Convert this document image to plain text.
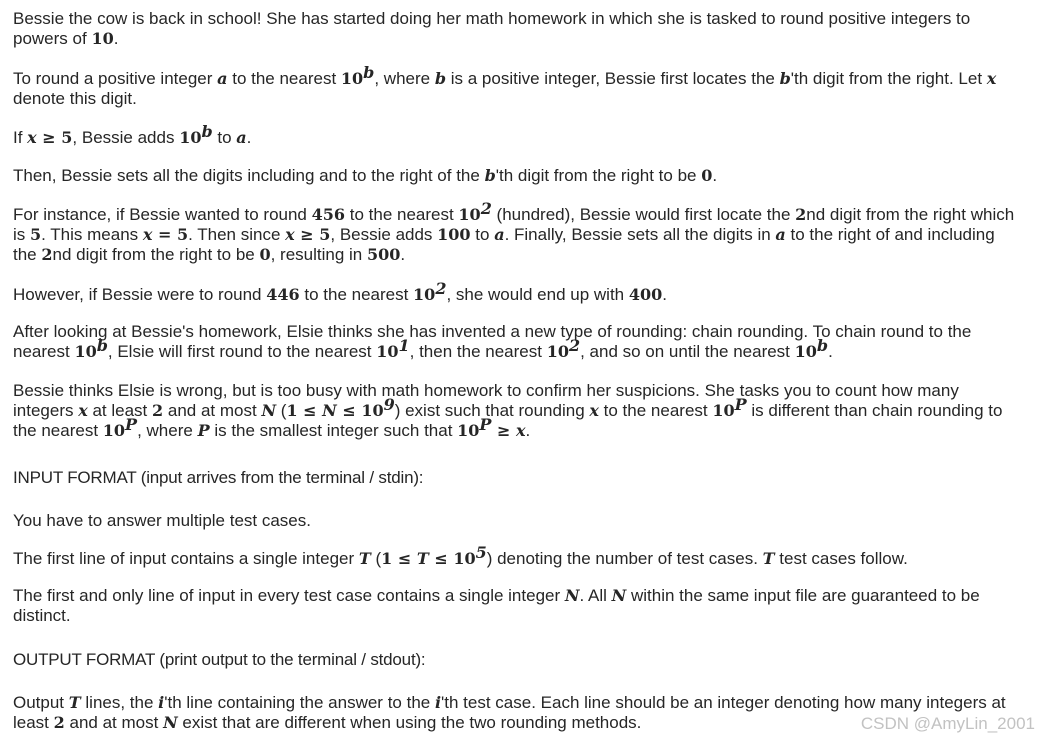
Bessie the cow is back in school! She has started doing her math homework in which she is tasked to round positive integers to powers of 10.
To round a positive integer a to the nearest 10$^b$, where b is a positive integer, Bessie first locates the b'th digit from the right. Let x denote this digit.
If x ≥ 5, Bessie adds 10$^b$ to a.
Then, Bessie sets all the digits including and to the right of the b'th digit from the right to be 0.
For instance, if Bessie wanted to round 456 to the nearest $10^2$ (hundred), Bessie would first locate the 2nd digit from the right which is 5. This means x = 5. Then since x ≥ 5, Bessie adds 100 to a. Finally, Bessie sets all the digits in a to the right of and including the 2nd digit from the right to be 0, resulting in 500.
However, if Bessie were to round 446 to the nearest $10^2$, she would end up with 400.
After looking at Bessie's homework, Elsie thinks she has invented a new type of rounding: chain rounding. To chain round to the nearest 10$^b$, Elsie will first round to the nearest $10^1$, then the nearest $10^2$, and so on until the nearest 10$^b$.
Bessie thinks Elsie is wrong, but is too busy with math homework to confirm her suspicions. She tasks you to count how many integers x at least 2 and at most N $(1 \le N \le 10^9)$ exist such that rounding x to the nearest $10^P$ is different than chain rounding to the nearest $10^P$, where P is the smallest integer such that $10^P \ge x$.
INPUT FORMAT (input arrives from the terminal / stdin):
You have to answer multiple test cases.
The first line of input contains a single integer T $(1 \le T \le 10^5)$ denoting the number of test cases. T test cases follow.
The first and only line of input in every test case contains a single integer N. All N within the same input file are guaranteed to be distinct.
OUTPUT FORMAT (print output to the terminal / stdout):
Output T lines, the i'th line containing the answer to the i'th test case. Each line should be an integer denoting how many integers at least 2 and at most N exist that are different when using the two rounding methods.	CSDN @AmyLin_2001
